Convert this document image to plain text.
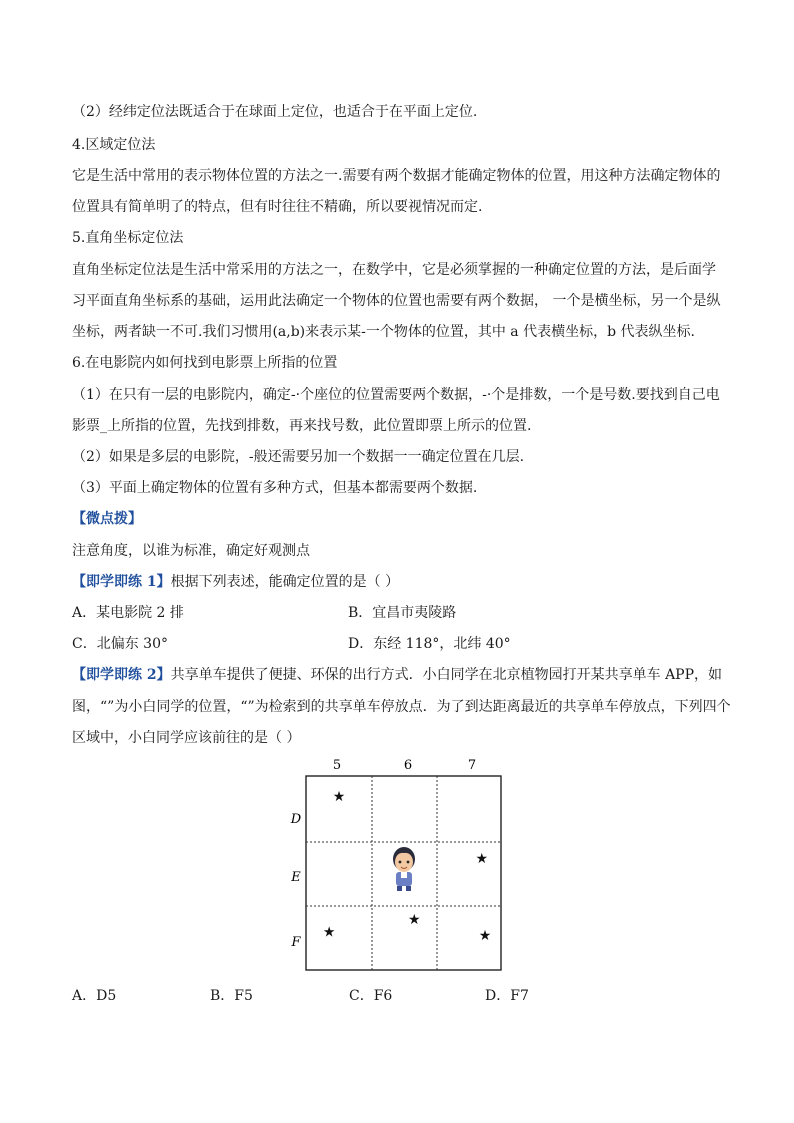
（2）经纬定位法既适合于在球面上定位，也适合于在平面上定位.
4.区域定位法
它是生活中常用的表示物体位置的方法之一.需要有两个数据才能确定物体的位置，用这种方法确定物体的
位置具有简单明了的特点，但有时往往不精确，所以要视情况而定.
5.直角坐标定位法
直角坐标定位法是生活中常采用的方法之一，在数学中，它是必须掌握的一种确定位置的方法，是后面学
习平面直角坐标系的基础，运用此法确定一个物体的位置也需要有两个数据， 一个是横坐标，另一个是纵
坐标，两者缺一不可.我们习惯用(a,b)来表示某-一个物体的位置，其中 a 代表横坐标，b 代表纵坐标.
6.在电影院内如何找到电影票上所指的位置
（1）在只有一层的电影院内，确定-·个座位的位置需要两个数据，-·个是排数，一个是号数.要找到自己电
影票_上所指的位置，先找到排数，再来找号数，此位置即票上所示的位置.
（2）如果是多层的电影院，-般还需要另加一个数据一一确定位置在几层.
（3）平面上确定物体的位置有多种方式，但基本都需要两个数据.
【微点拨】
注意角度，以谁为标准，确定好观测点
【即学即练 1】根据下列表述，能确定位置的是（ ）
A．某电影院 2 排	B．宜昌市夷陵路
C．北偏东 30°	D．东经 118°，北纬 40°
【即学即练 2】共享单车提供了便捷、环保的出行方式．小白同学在北京植物园打开某共享单车 APP，如
图，“”为小白同学的位置，“”为检索到的共享单车停放点．为了到达距离最近的共享单车停放点，下列四个
区域中，小白同学应该前往的是（ ）
5	6	7
D
E
F
★
★
★
★
★
A．D5	B．F5	C．F6	D．F7
